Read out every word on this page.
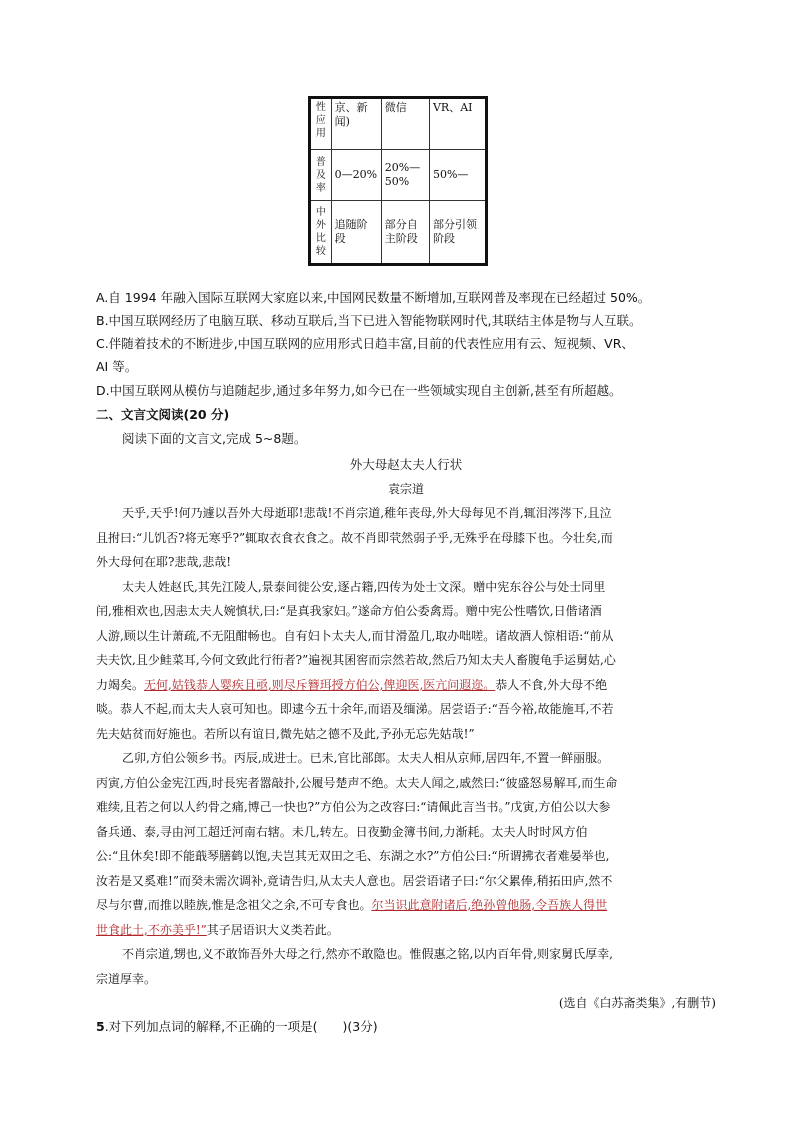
性应用	京、新闻)	微信	VR、AI
普及率	0—20%	20%—50%	50%—
中外比较	追随阶段	部分自主阶段	部分引领阶段
A.自 1994 年融入国际互联网大家庭以来,中国网民数量不断增加,互联网普及率现在已经超过 50%。
B.中国互联网经历了电脑互联、移动互联后,当下已进入智能物联网时代,其联结主体是物与人互联。
C.伴随着技术的不断进步,中国互联网的应用形式日趋丰富,目前的代表性应用有云、短视频、VR、
AI 等。
D.中国互联网从模仿与追随起步,通过多年努力,如今已在一些领域实现自主创新,甚至有所超越。
二、文言文阅读(20 分)
阅读下面的文言文,完成 5~8题。
外大母赵太夫人行状
袁宗道
天乎,天乎!何乃遽以吾外大母逝耶!悲哉!不肖宗道,稚年丧母,外大母每见不肖,辄泪涔涔下,且泣
且拊曰:“儿饥否?将无寒乎?”辄取衣食衣食之。故不肖即茕然弱子乎,无殊乎在母膝下也。今壮矣,而
外大母何在耶?悲哉,悲哉!
太夫人姓赵氏,其先江陵人,景泰间徙公安,逐占籍,四传为处士文深。赠中宪东谷公与处士同里
闬,雅相欢也,因恚太夫人婉慎状,曰:“是真我家妇。”遂命方伯公委禽焉。赠中宪公性嗜饮,日偕诸酒
人游,顾以生计萧疏,不无阻酣畅也。自有妇卜太夫人,而甘滑盈几,取办咄嗟。诸故酒人惊相语:“前从
夫夫饮,且少鲑菜耳,今何文致此行衎者?”遍视其囷窖而宗然若故,然后乃知太夫人畜腹龟手运舅姑,心
力竭矣。无何,姑钱恭人婴疾且亟,则尽斥簪珥授方伯公,俾迎医,医亢问遐迩。恭人不食,外大母不绝
啖。恭人不起,而太夫人哀可知也。即逮今五十余年,而语及缅涕。居尝语子:“吾今裕,故能施耳,不若
先夫姑贫而好施也。若所以有谊日,微先姑之德不及此,予孙无忘先姑哉!”
乙卯,方伯公领乡书。丙辰,成进士。已未,官比部郎。太夫人相从京师,居四年,不置一鲜丽服。
丙寅,方伯公金宪江西,时長宪者嚣敲扑,公履号楚声不绝。太夫人闻之,戚然曰:“彼盛怒易解耳,而生命
难续,且若之何以人约骨之痛,博己一快也?”方伯公为之改容曰:“请佩此言当书。”戊寅,方伯公以大参
备兵通、泰,寻由河工超迁河南右辖。未几,转左。日夜勤金簿书间,力渐耗。太夫人时时风方伯
公:“且休矣!即不能蕺琴膳鹤以饱,夫岂其无双田之毛、东湖之水?”方伯公曰:“所谓拂衣者难晏举也,
汝若是又奚难!”而癸未需次调补,竟请告归,从太夫人意也。居尝语诸子曰:“尔父累俸,稍拓田庐,然不
尽与尔曹,而推以睦族,惟是念祖父之余,不可专食也。尔当识此意附诸后,绝孙曾他肠,令吾族人得世
世食此土,不亦美乎!”其子居语识大义类若此。
不肖宗道,甥也,义不敢饰吾外大母之行,然亦不敢隐也。惟假惠之铭,以内百年骨,则家舅氏厚幸,
宗道厚幸。
(选自《白苏斋类集》,有删节)
5.对下列加点词的解释,不正确的一项是(　　)(3分)
